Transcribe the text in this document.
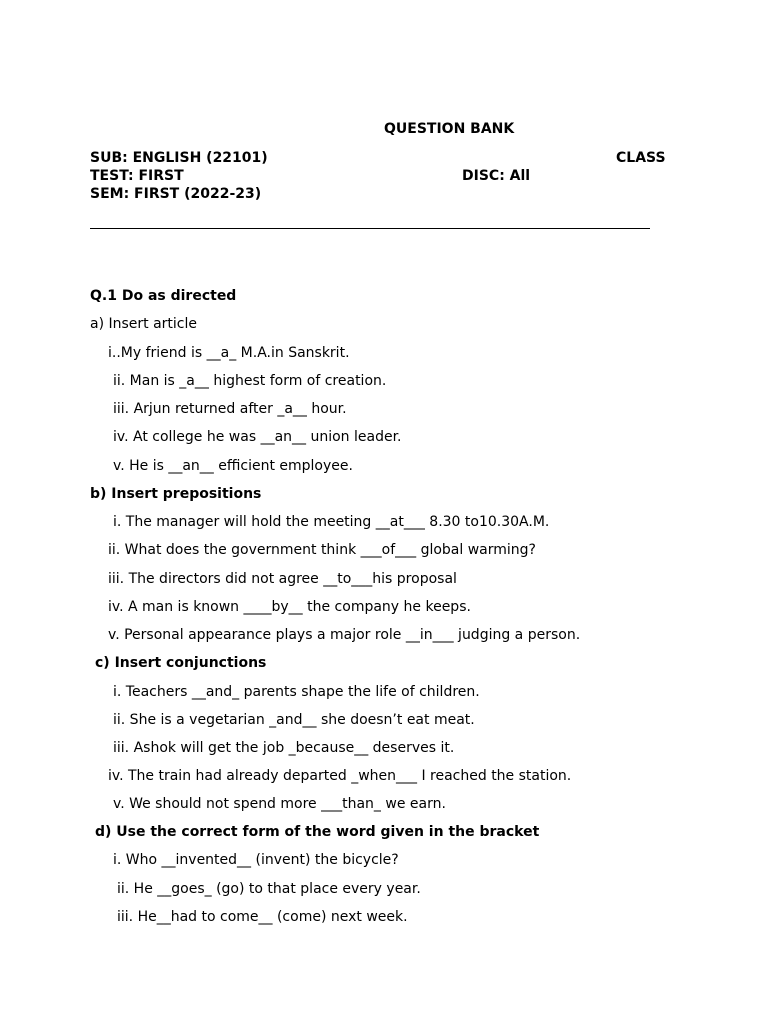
QUESTION BANK
SUB: ENGLISH (22101)	CLASS
TEST: FIRST	DISC: All
SEM: FIRST (2022-23)
Q.1 Do as directed
a) Insert article
i..My friend is __a_ M.A.in Sanskrit.
ii. Man is _a__ highest form of creation.
iii. Arjun returned after _a__ hour.
iv. At college he was __an__ union leader.
v. He is __an__ efficient employee.
b) Insert prepositions
i. The manager will hold the meeting __at___ 8.30 to10.30A.M.
ii. What does the government think ___of___ global warming?
iii. The directors did not agree __to___his proposal
iv. A man is known ____by__ the company he keeps.
v. Personal appearance plays a major role __in___ judging a person.
c) Insert conjunctions
i. Teachers __and_ parents shape the life of children.
ii. She is a vegetarian _and__ she doesn’t eat meat.
iii. Ashok will get the job _because__ deserves it.
iv. The train had already departed _when___ I reached the station.
v. We should not spend more ___than_ we earn.
d) Use the correct form of the word given in the bracket
i. Who __invented__ (invent) the bicycle?
ii. He __goes_ (go) to that place every year.
iii. He__had to come__ (come) next week.
